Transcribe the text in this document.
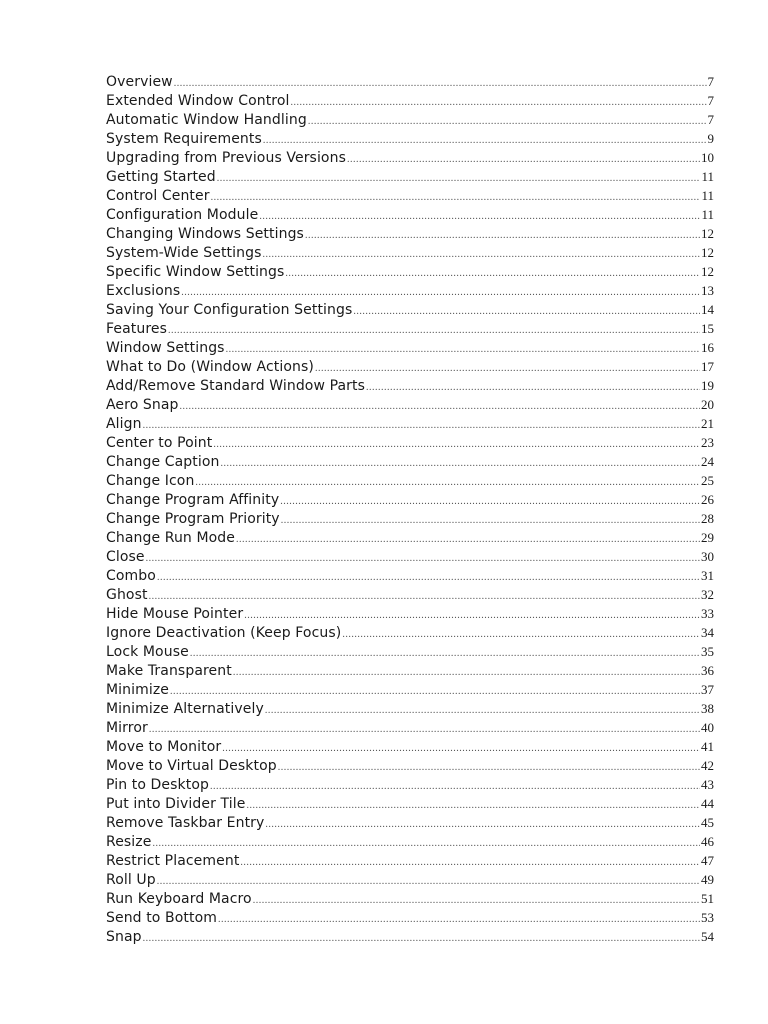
Overview .....	7
Extended Window Control .....	7
Automatic Window Handling .....	7
System Requirements .....	9
Upgrading from Previous Versions .....	10
Getting Started .....	11
Control Center .....	11
Configuration Module .....	11
Changing Windows Settings .....	12
System-Wide Settings .....	12
Specific Window Settings .....	12
Exclusions .....	13
Saving Your Configuration Settings .....	14
Features .....	15
Window Settings .....	16
What to Do (Window Actions) .....	17
Add/Remove Standard Window Parts .....	19
Aero Snap .....	20
Align .....	21
Center to Point .....	23
Change Caption .....	24
Change Icon .....	25
Change Program Affinity .....	26
Change Program Priority .....	28
Change Run Mode .....	29
Close .....	30
Combo .....	31
Ghost .....	32
Hide Mouse Pointer .....	33
Ignore Deactivation (Keep Focus) .....	34
Lock Mouse .....	35
Make Transparent .....	36
Minimize .....	37
Minimize Alternatively .....	38
Mirror .....	40
Move to Monitor .....	41
Move to Virtual Desktop .....	42
Pin to Desktop .....	43
Put into Divider Tile .....	44
Remove Taskbar Entry .....	45
Resize .....	46
Restrict Placement .....	47
Roll Up .....	49
Run Keyboard Macro .....	51
Send to Bottom .....	53
Snap .....	54
